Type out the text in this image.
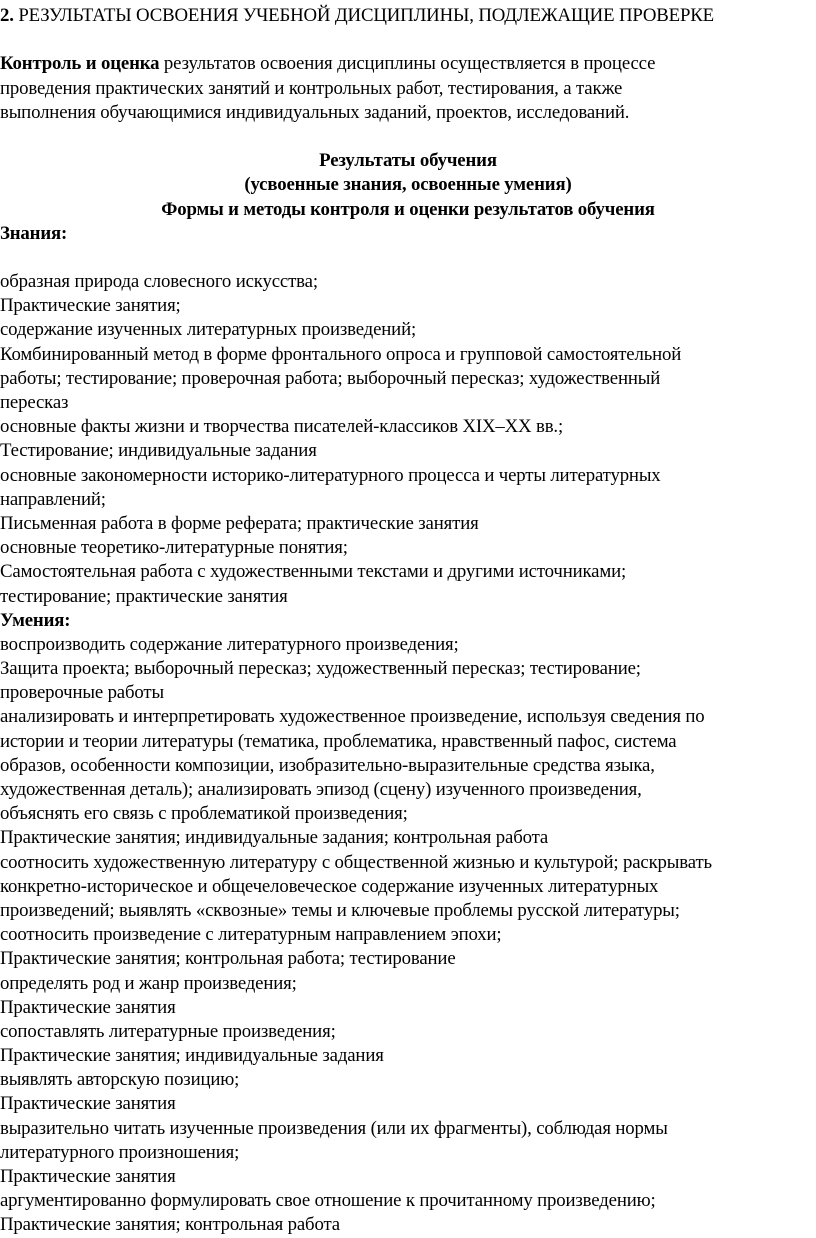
2. РЕЗУЛЬТАТЫ ОСВОЕНИЯ УЧЕБНОЙ ДИСЦИПЛИНЫ, ПОДЛЕЖАЩИЕ ПРОВЕРКЕ
Контроль и оценка результатов освоения дисциплины осуществляется в процессе
проведения практических занятий и контрольных работ, тестирования, а также
выполнения обучающимися индивидуальных заданий, проектов, исследований.
Результаты обучения
(усвоенные знания, освоенные умения)
Формы и методы контроля и оценки результатов обучения
Знания:
образная природа словесного искусства;
Практические занятия;
содержание изученных литературных произведений;
Комбинированный метод в форме фронтального опроса и групповой самостоятельной
работы; тестирование; проверочная работа; выборочный пересказ; художественный
пересказ
основные факты жизни и творчества писателей-классиков XIX–XX вв.;
Тестирование; индивидуальные задания
основные закономерности историко-литературного процесса и черты литературных
направлений;
Письменная работа в форме реферата; практические занятия
основные теоретико-литературные понятия;
Самостоятельная работа с художественными текстами и другими источниками;
тестирование; практические занятия
Умения:
воспроизводить содержание литературного произведения;
Защита проекта; выборочный пересказ; художественный пересказ; тестирование;
проверочные работы
анализировать и интерпретировать художественное произведение, используя сведения по
истории и теории литературы (тематика, проблематика, нравственный пафос, система
образов, особенности композиции, изобразительно-выразительные средства языка,
художественная деталь); анализировать эпизод (сцену) изученного произведения,
объяснять его связь с проблематикой произведения;
Практические занятия; индивидуальные задания; контрольная работа
соотносить художественную литературу с общественной жизнью и культурой; раскрывать
конкретно-историческое и общечеловеческое содержание изученных литературных
произведений; выявлять «сквозные» темы и ключевые проблемы русской литературы;
соотносить произведение с литературным направлением эпохи;
Практические занятия; контрольная работа; тестирование
определять род и жанр произведения;
Практические занятия
сопоставлять литературные произведения;
Практические занятия; индивидуальные задания
выявлять авторскую позицию;
Практические занятия
выразительно читать изученные произведения (или их фрагменты), соблюдая нормы
литературного произношения;
Практические занятия
аргументированно формулировать свое отношение к прочитанному произведению;
Практические занятия; контрольная работа
